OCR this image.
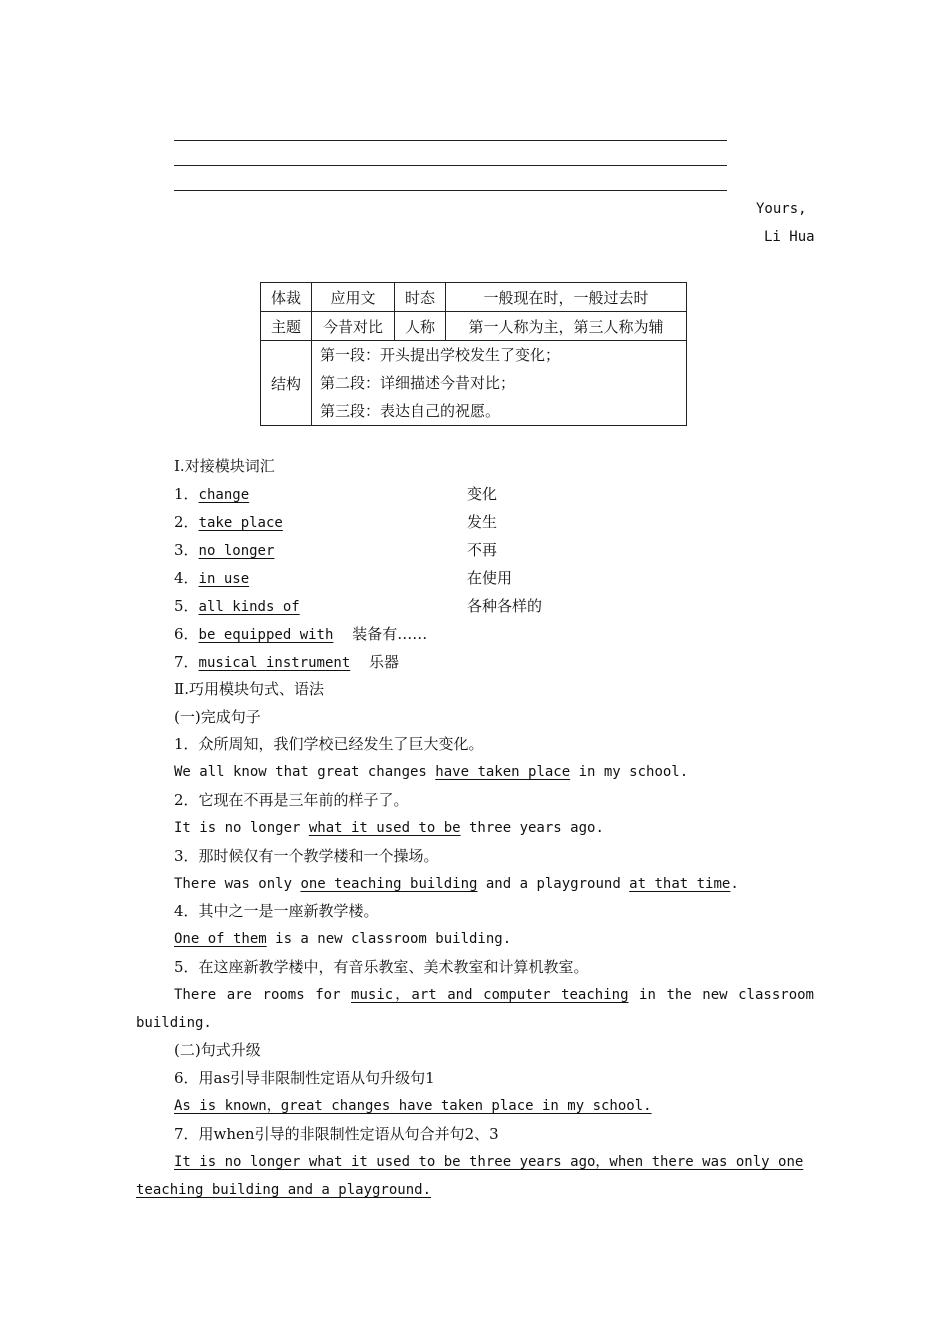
Yours,
Li Hua
体裁	应用文	时态	一般现在时，一般过去时
主题	今昔对比	人称	第一人称为主，第三人称为辅
结构	第一段：开头提出学校发生了变化；
第二段：详细描述今昔对比；
第三段：表达自己的祝愿。		
Ⅰ.对接模块词汇
1．change	变化
2．take place	发生
3．no longer	不再
4．in use	在使用
5．all kinds of	各种各样的
6．be equipped with 装备有……
7．musical instrument 乐器
Ⅱ.巧用模块句式、语法
(一)完成句子
1．众所周知，我们学校已经发生了巨大变化。
We all know that great changes have taken place in my school.
2．它现在不再是三年前的样子了。
It is no longer what it used to be three years ago.
3．那时候仅有一个教学楼和一个操场。
There was only one teaching building and a playground at that time.
4．其中之一是一座新教学楼。
One of them is a new classroom building.
5．在这座新教学楼中，有音乐教室、美术教室和计算机教室。
There are rooms for music，art and computer teaching in the new classroom
building.
(二)句式升级
6．用as引导非限制性定语从句升级句1
As is known，great changes have taken place in my school.
7．用when引导的非限制性定语从句合并句2、3
It is no longer what it used to be three years ago，when there was only one
teaching building and a playground.
